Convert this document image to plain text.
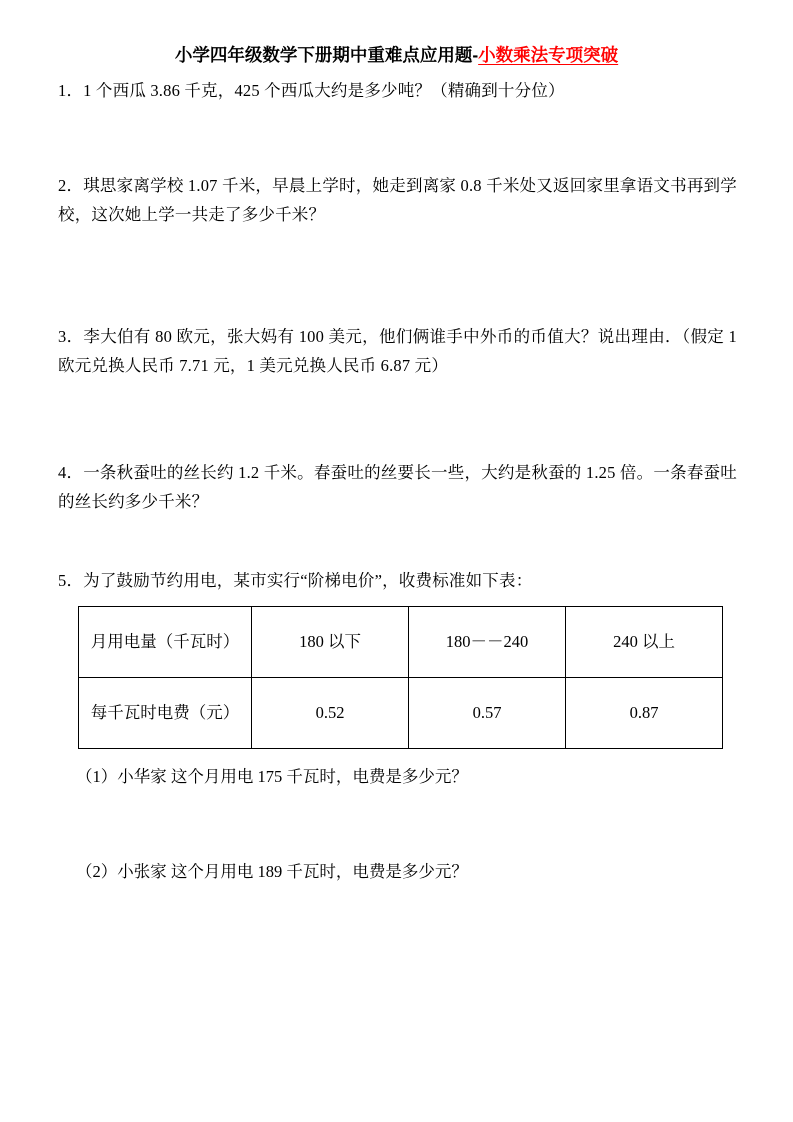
小学四年级数学下册期中重难点应用题-小数乘法专项突破

1．1 个西瓜 3.86 千克，425 个西瓜大约是多少吨？（精确到十分位）

2．琪思家离学校 1.07 千米，早晨上学时，她走到离家 0.8 千米处又返回家里拿语文书再到学校，这次她上学一共走了多少千米？

3．李大伯有 80 欧元，张大妈有 100 美元，他们俩谁手中外币的币值大？说出理由．（假定 1 欧元兑换人民币 7.71 元，1 美元兑换人民币 6.87 元）

4．一条秋蚕吐的丝长约 1.2 千米。春蚕吐的丝要长一些，大约是秋蚕的 1.25 倍。一条春蚕吐的丝长约多少千米？

5．为了鼓励节约用电，某市实行“阶梯电价”，收费标准如下表：

月用电量（千瓦时）	180 以下	180－－240	240 以上
每千瓦时电费（元）	0.52	0.57	0.87

（1）小华家 这个月用电 175 千瓦时，电费是多少元？

（2）小张家 这个月用电 189 千瓦时，电费是多少元？
